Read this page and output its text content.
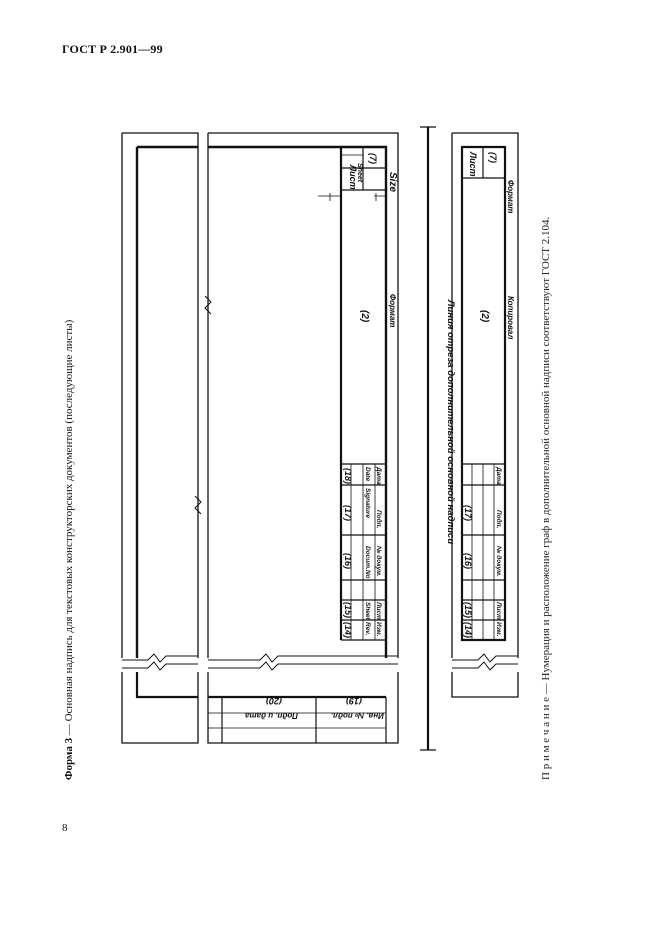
ГОСТ Р 2.901—99
Форма 3 — Основная надпись для текстовых конструкторских документов (последующие листы)
П р и м е ч а н и е — Нумерация и расположение граф в дополнительной основной надписи соответствуют ГОСТ 2.104.
8
Лист
Sheet
(7)
Size
Формат
(2)
(14)
(15)
(16)
(17)
(18)
Rev.
Sheet
Docum.No
Signature
Date
Изм.
Лист
№ докум.
Подп.
Дата
Инв. № подл.
Подп. и дата
(19)
(20)
Линия отреза дополнительной основной надписи
Лист (7)
Формат
Копировал
(2)
(14)
(15)
(16)
(17)
Изм.
Лист
№ докум.
Подп.
Дата
